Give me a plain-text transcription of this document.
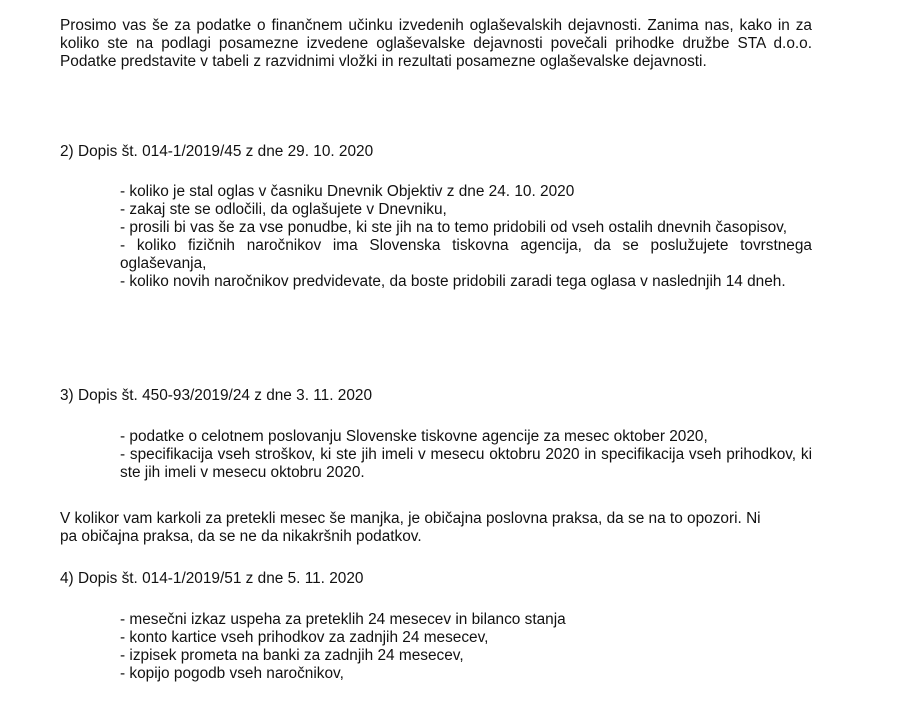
Prosimo vas še za podatke o finančnem učinku izvedenih oglaševalskih dejavnosti. Zanima nas, kako in za koliko ste na podlagi posamezne izvedene oglaševalske dejavnosti povečali prihodke družbe STA d.o.o. Podatke predstavite v tabeli z razvidnimi vložki in rezultati posamezne oglaševalske dejavnosti.

2) Dopis št. 014-1/2019/45 z dne 29. 10. 2020

- koliko je stal oglas v časniku Dnevnik Objektiv z dne 24. 10. 2020
- zakaj ste se odločili, da oglašujete v Dnevniku,
- prosili bi vas še za vse ponudbe, ki ste jih na to temo pridobili od vseh ostalih dnevnih časopisov,
- koliko fizičnih naročnikov ima Slovenska tiskovna agencija, da se poslužujete tovrstnega oglaševanja,
- koliko novih naročnikov predvidevate, da boste pridobili zaradi tega oglasa v naslednjih 14 dneh.

3) Dopis št. 450-93/2019/24 z dne 3. 11. 2020

- podatke o celotnem poslovanju Slovenske tiskovne agencije za mesec oktober 2020,
- specifikacija vseh stroškov, ki ste jih imeli v mesecu oktobru 2020 in specifikacija vseh prihodkov, ki ste jih imeli v mesecu oktobru 2020.

V kolikor vam karkoli za pretekli mesec še manjka, je običajna poslovna praksa, da se na to opozori. Ni pa običajna praksa, da se ne da nikakršnih podatkov.

4) Dopis št. 014-1/2019/51 z dne 5. 11. 2020

- mesečni izkaz uspeha za preteklih 24 mesecev in bilanco stanja
- konto kartice vseh prihodkov za zadnjih 24 mesecev,
- izpisek prometa na banki za zadnjih 24 mesecev,
- kopijo pogodb vseh naročnikov,
